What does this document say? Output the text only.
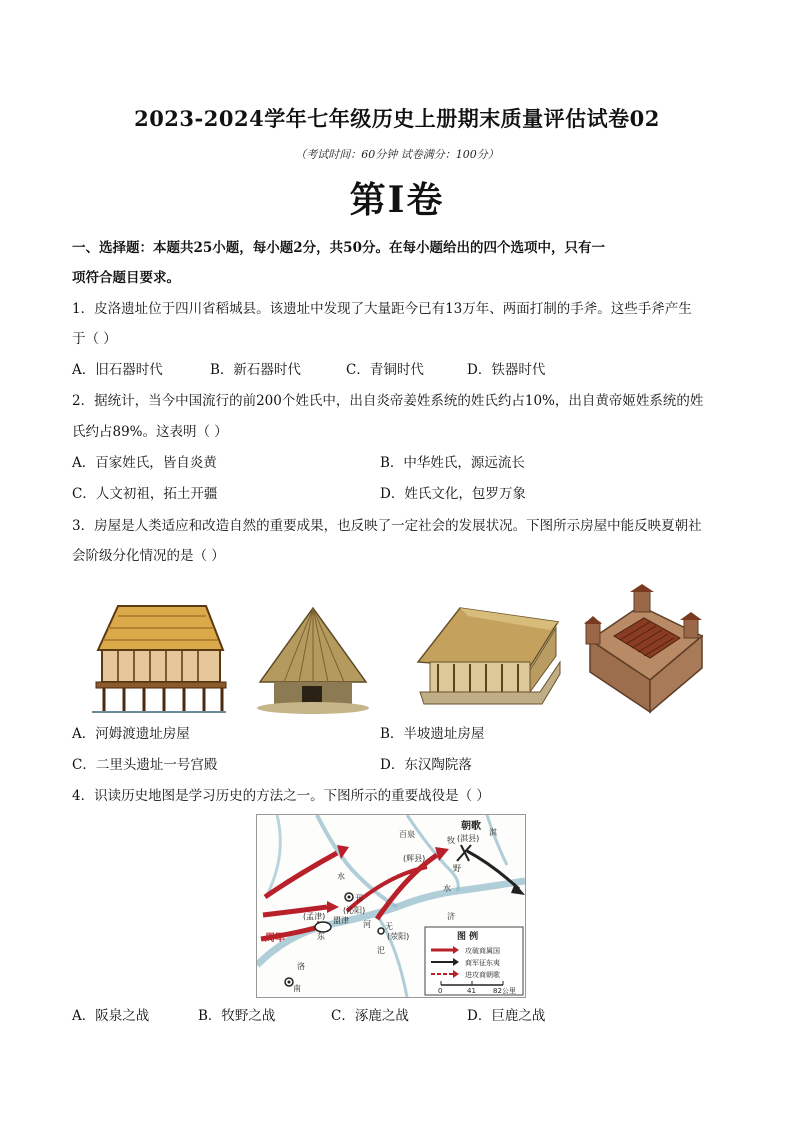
2023-2024学年七年级历史上册期末质量评估试卷02
（考试时间：60分钟 试卷满分：100分）
第Ⅰ卷
一、选择题：本题共25小题，每小题2分，共50分。在每小题给出的四个选项中，只有一
项符合题目要求。
1．皮洛遗址位于四川省稻城县。该遗址中发现了大量距今已有13万年、两面打制的手斧。这些手斧产生
于（ ）
A．旧石器时代	B．新石器时代	C．青铜时代	D．铁器时代
2．据统计，当今中国流行的前200个姓氏中，出自炎帝姜姓系统的姓氏约占10%，出自黄帝姬姓系统的姓
氏约占89%。这表明（ ）
A．百家姓氏，皆自炎黄	B．中华姓氏，源远流长
C．人文初祖，拓土开疆	D．姓氏文化，包罗万象
3．房屋是人类适应和改造自然的重要成果，也反映了一定社会的发展状况。下图所示房屋中能反映夏朝社
会阶级分化情况的是（ ）
A．河姆渡遗址房屋	B．半坡遗址房屋
C．二里头遗址一号宫殿	D．东汉陶院落
4．识读历史地图是学习历史的方法之一。下图所示的重要战役是（ ）
朝歌
(淇县)
百泉
(辉县)
牧
野
邘
(沁阳)
(孟津) 盟津
周军
河
水
水
洛
汜
(荥阳)
无
济
淇
东
南
图 例
攻破商属国
商军征东夷
进攻商朝歌
0	41 82公里
A．阪泉之战	B．牧野之战	C．涿鹿之战	D．巨鹿之战
